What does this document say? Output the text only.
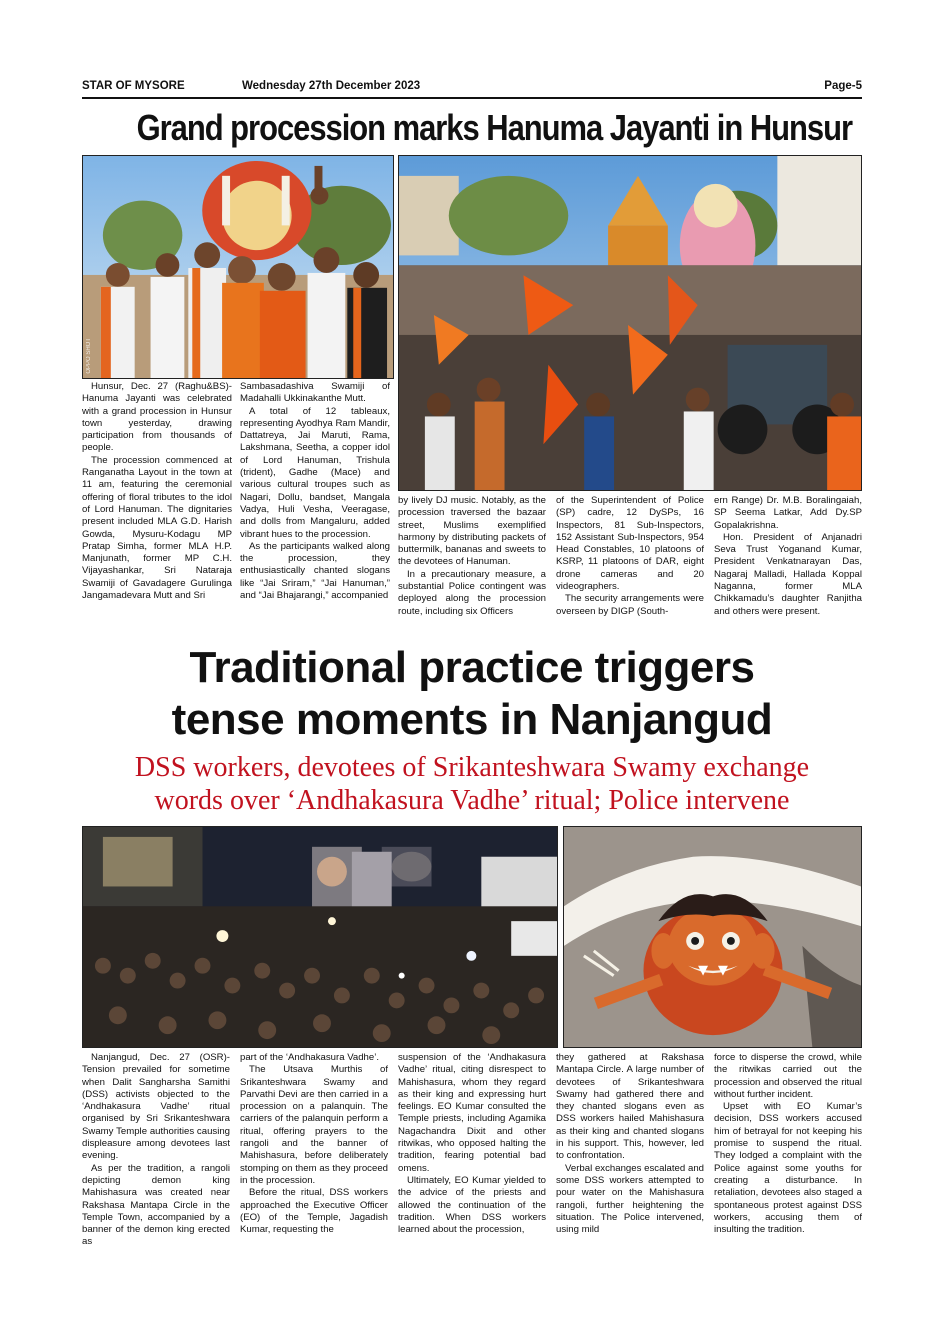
STAR OF MYSORE	Wednesday 27th December 2023	Page-5
Grand procession marks Hanuma Jayanti in Hunsur
OPPO SHOT

Hunsur, Dec. 27 (Raghu&BS)- Hanuma Jayanti was celebrated with a grand procession in Hunsur town yesterday, drawing participation from thousands of people.

The procession commenced at Ranganatha Layout in the town at 11 am, featuring the ceremonial offering of floral tributes to the idol of Lord Hanuman. The dignitaries present included MLA G.D. Harish Gowda, Mysuru-Kodagu MP Pratap Simha, former MLA H.P. Manjunath, former MP C.H. Vijayashankar, Sri Nataraja Swamiji of Gavadagere Gurulinga Jangamadevara Mutt and Sri

Sambasadashiva Swamiji of Madahalli Ukkinakanthe Mutt.

A total of 12 tableaux, representing Ayodhya Ram Mandir, Dattatreya, Jai Maruti, Rama, Lakshmana, Seetha, a copper idol of Lord Hanuman, Trishula (trident), Gadhe (Mace) and various cultural troupes such as Nagari, Dollu, bandset, Mangala Vadya, Huli Vesha, Veeragase, and dolls from Mangaluru, added vibrant hues to the procession.

As the participants walked along the procession, they enthusiastically chanted slogans like “Jai Sriram,” “Jai Hanuman,” and “Jai Bhajarangi,” accompanied

by lively DJ music. Notably, as the procession traversed the bazaar street, Muslims exemplified harmony by distributing packets of buttermilk, bananas and sweets to the devotees of Hanuman.

In a precautionary measure, a substantial Police contingent was deployed along the procession route, including six Officers

of the Superintendent of Police (SP) cadre, 12 DySPs, 16 Inspectors, 81 Sub-Inspectors, 152 Assistant Sub-Inspectors, 954 Head Constables, 10 platoons of KSRP, 11 platoons of DAR, eight drone cameras and 20 videographers.

The security arrangements were overseen by DIGP (South-

ern Range) Dr. M.B. Boralingaiah, SP Seema Latkar, Add Dy.SP Gopalakrishna.

Hon. President of Anjanadri Seva Trust Yoganand Kumar, President Venkatnarayan Das, Nagaraj Malladi, Hallada Koppal Naganna, former MLA Chikkamadu’s daughter Ranjitha and others were present.

Traditional practice triggers
tense moments in Nanjangud
DSS workers, devotees of Srikanteshwara Swamy exchange
words over ‘Andhakasura Vadhe’ ritual; Police intervene

Nanjangud, Dec. 27 (OSR)- Tension prevailed for sometime when Dalit Sangharsha Samithi (DSS) activists objected to the ‘Andhakasura Vadhe’ ritual organised by Sri Srikanteshwara Swamy Temple authorities causing displeasure among devotees last evening.

As per the tradition, a rangoli depicting demon king Mahishasura was created near Rakshasa Mantapa Circle in the Temple Town, accompanied by a banner of the demon king erected as

part of the ‘Andhakasura Vadhe’.

The Utsava Murthis of Srikanteshwara Swamy and Parvathi Devi are then carried in a procession on a palanquin. The carriers of the palanquin perform a ritual, offering prayers to the rangoli and the banner of Mahishasura, before deliberately stomping on them as they proceed in the procession.

Before the ritual, DSS workers approached the Executive Officer (EO) of the Temple, Jagadish Kumar, requesting the

suspension of the ‘Andhakasura Vadhe’ ritual, citing disrespect to Mahishasura, whom they regard as their king and expressing hurt feelings. EO Kumar consulted the Temple priests, including Agamika Nagachandra Dixit and other ritwikas, who opposed halting the tradition, fearing potential bad omens.

Ultimately, EO Kumar yielded to the advice of the priests and allowed the continuation of the tradition. When DSS workers learned about the procession,

they gathered at Rakshasa Mantapa Circle. A large number of devotees of Srikanteshwara Swamy had gathered there and they chanted slogans even as DSS workers hailed Mahishasura as their king and chanted slogans in his support. This, however, led to confrontation.

Verbal exchanges escalated and some DSS workers attempted to pour water on the Mahishasura rangoli, further heightening the situation. The Police intervened, using mild

force to disperse the crowd, while the ritwikas carried out the procession and observed the ritual without further incident.

Upset with EO Kumar’s decision, DSS workers accused him of betrayal for not keeping his promise to suspend the ritual. They lodged a complaint with the Police against some youths for creating a disturbance. In retaliation, devotees also staged a spontaneous protest against DSS workers, accusing them of insulting the tradition.
